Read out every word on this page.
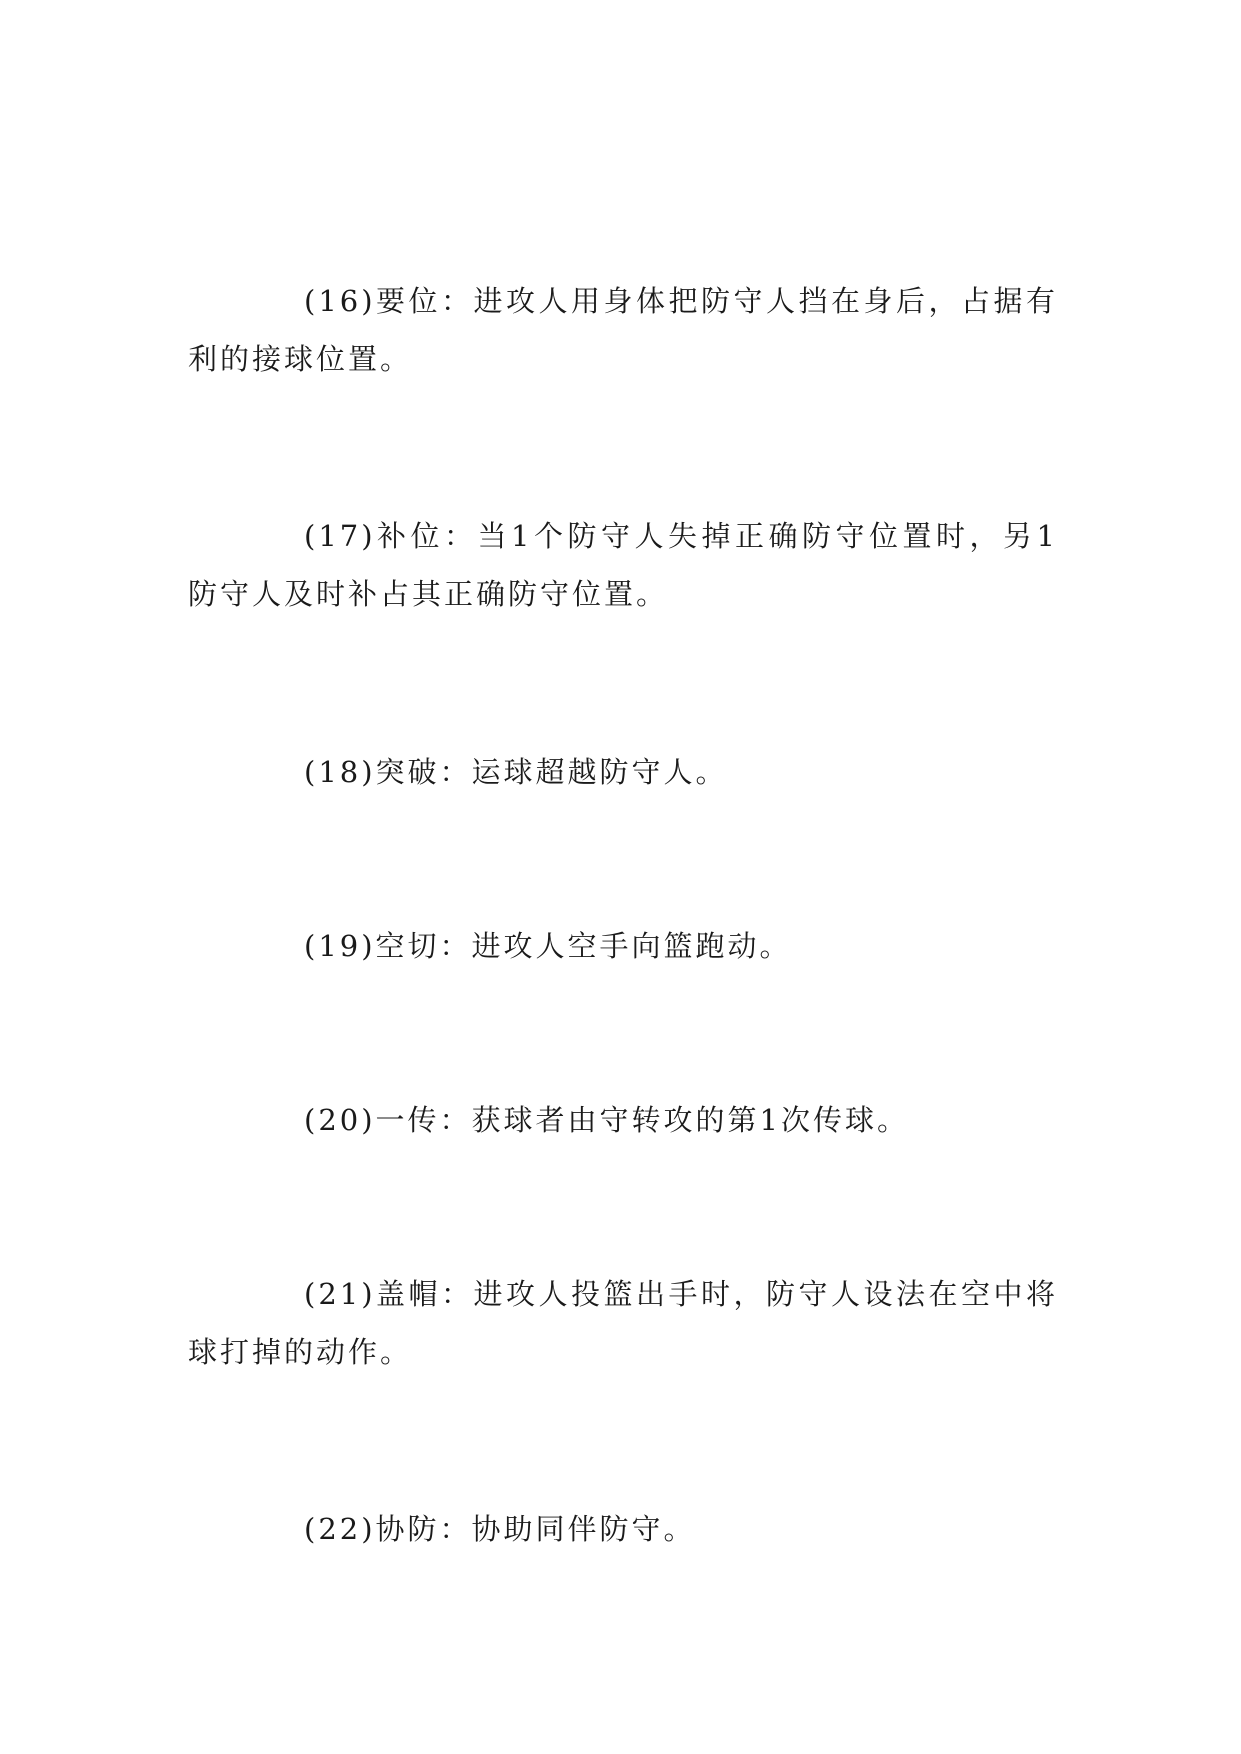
(16)要位：进攻人用身体把防守人挡在身后，占据有利的接球位置。

(17)补位：当1个防守人失掉正确防守位置时，另1防守人及时补占其正确防守位置。

(18)突破：运球超越防守人。

(19)空切：进攻人空手向篮跑动。

(20)一传：获球者由守转攻的第1次传球。

(21)盖帽：进攻人投篮出手时，防守人设法在空中将球打掉的动作。

(22)协防：协助同伴防守。
